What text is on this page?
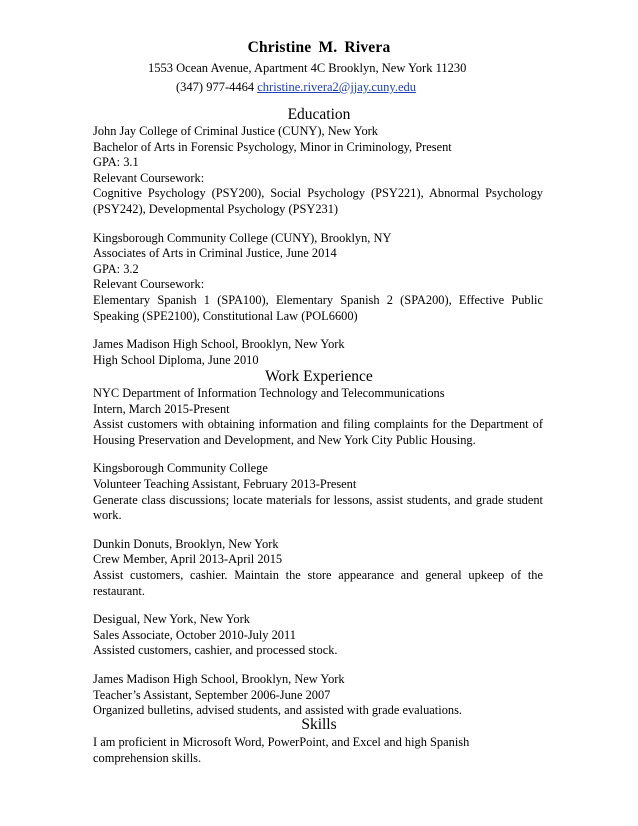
Christine M. Rivera
1553 Ocean Avenue, Apartment 4C Brooklyn, New York 11230
(347) 977-4464 christine.rivera2@jjay.cuny.edu
Education
John Jay College of Criminal Justice (CUNY), New York
Bachelor of Arts in Forensic Psychology, Minor in Criminology, Present
GPA: 3.1
Relevant Coursework:
Cognitive Psychology (PSY200), Social Psychology (PSY221), Abnormal Psychology
(PSY242), Developmental Psychology (PSY231)
Kingsborough Community College (CUNY), Brooklyn, NY
Associates of Arts in Criminal Justice, June 2014
GPA: 3.2
Relevant Coursework:
Elementary Spanish 1 (SPA100), Elementary Spanish 2 (SPA200), Effective Public
Speaking (SPE2100), Constitutional Law (POL6600)
James Madison High School, Brooklyn, New York
High School Diploma, June 2010
Work Experience
NYC Department of Information Technology and Telecommunications
Intern, March 2015-Present
Assist customers with obtaining information and filing complaints for the Department of
Housing Preservation and Development, and New York City Public Housing.
Kingsborough Community College
Volunteer Teaching Assistant, February 2013-Present
Generate class discussions; locate materials for lessons, assist students, and grade student
work.
Dunkin Donuts, Brooklyn, New York
Crew Member, April 2013-April 2015
Assist customers, cashier. Maintain the store appearance and general upkeep of the
restaurant.
Desigual, New York, New York
Sales Associate, October 2010-July 2011
Assisted customers, cashier, and processed stock.
James Madison High School, Brooklyn, New York
Teacher’s Assistant, September 2006-June 2007
Organized bulletins, advised students, and assisted with grade evaluations.
Skills
I am proficient in Microsoft Word, PowerPoint, and Excel and high Spanish
comprehension skills.
